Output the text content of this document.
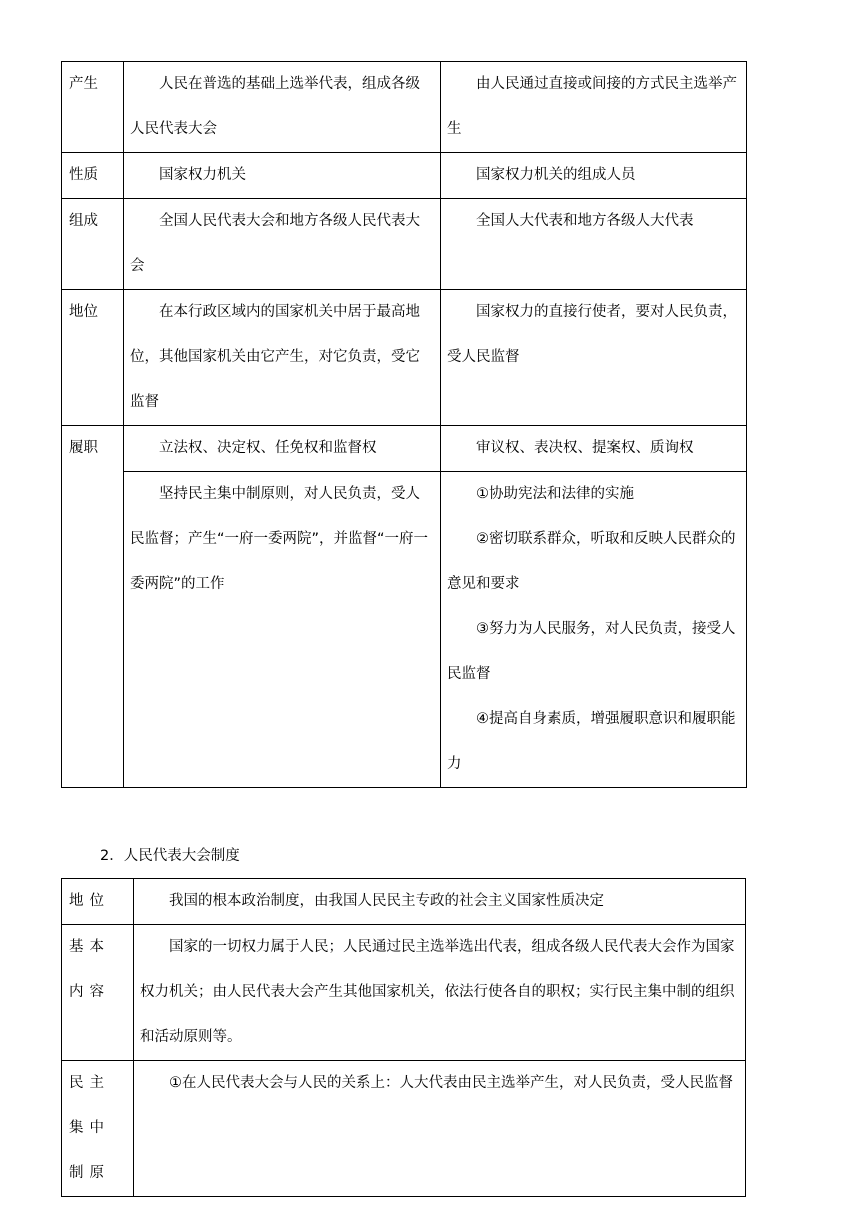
产生	人民在普选的基础上选举代表，组成各级人民代表大会	由人民通过直接或间接的方式民主选举产生
性质	国家权力机关	国家权力机关的组成人员
组成	全国人民代表大会和地方各级人民代表大会	全国人大代表和地方各级人大代表
地位	在本行政区域内的国家机关中居于最高地位，其他国家机关由它产生，对它负责，受它监督	国家权力的直接行使者，要对人民负责，受人民监督
履职	立法权、决定权、任免权和监督权	审议权、表决权、提案权、质询权
	坚持民主集中制原则，对人民负责，受人民监督；产生“一府一委两院”，并监督“一府一委两院”的工作	①协助宪法和法律的实施

②密切联系群众，听取和反映人民群众的意见和要求

③努力为人民服务，对人民负责，接受人民监督

④提高自身素质，增强履职意识和履职能力

2．人民代表大会制度
地位	我国的根本政治制度，由我国人民民主专政的社会主义国家性质决定
基本内容	国家的一切权力属于人民；人民通过民主选举选出代表，组成各级人民代表大会作为国家权力机关；由人民代表大会产生其他国家机关，依法行使各自的职权；实行民主集中制的组织和活动原则等。
民主集中制原	①在人民代表大会与人民的关系上：人大代表由民主选举产生，对人民负责，受人民监督
